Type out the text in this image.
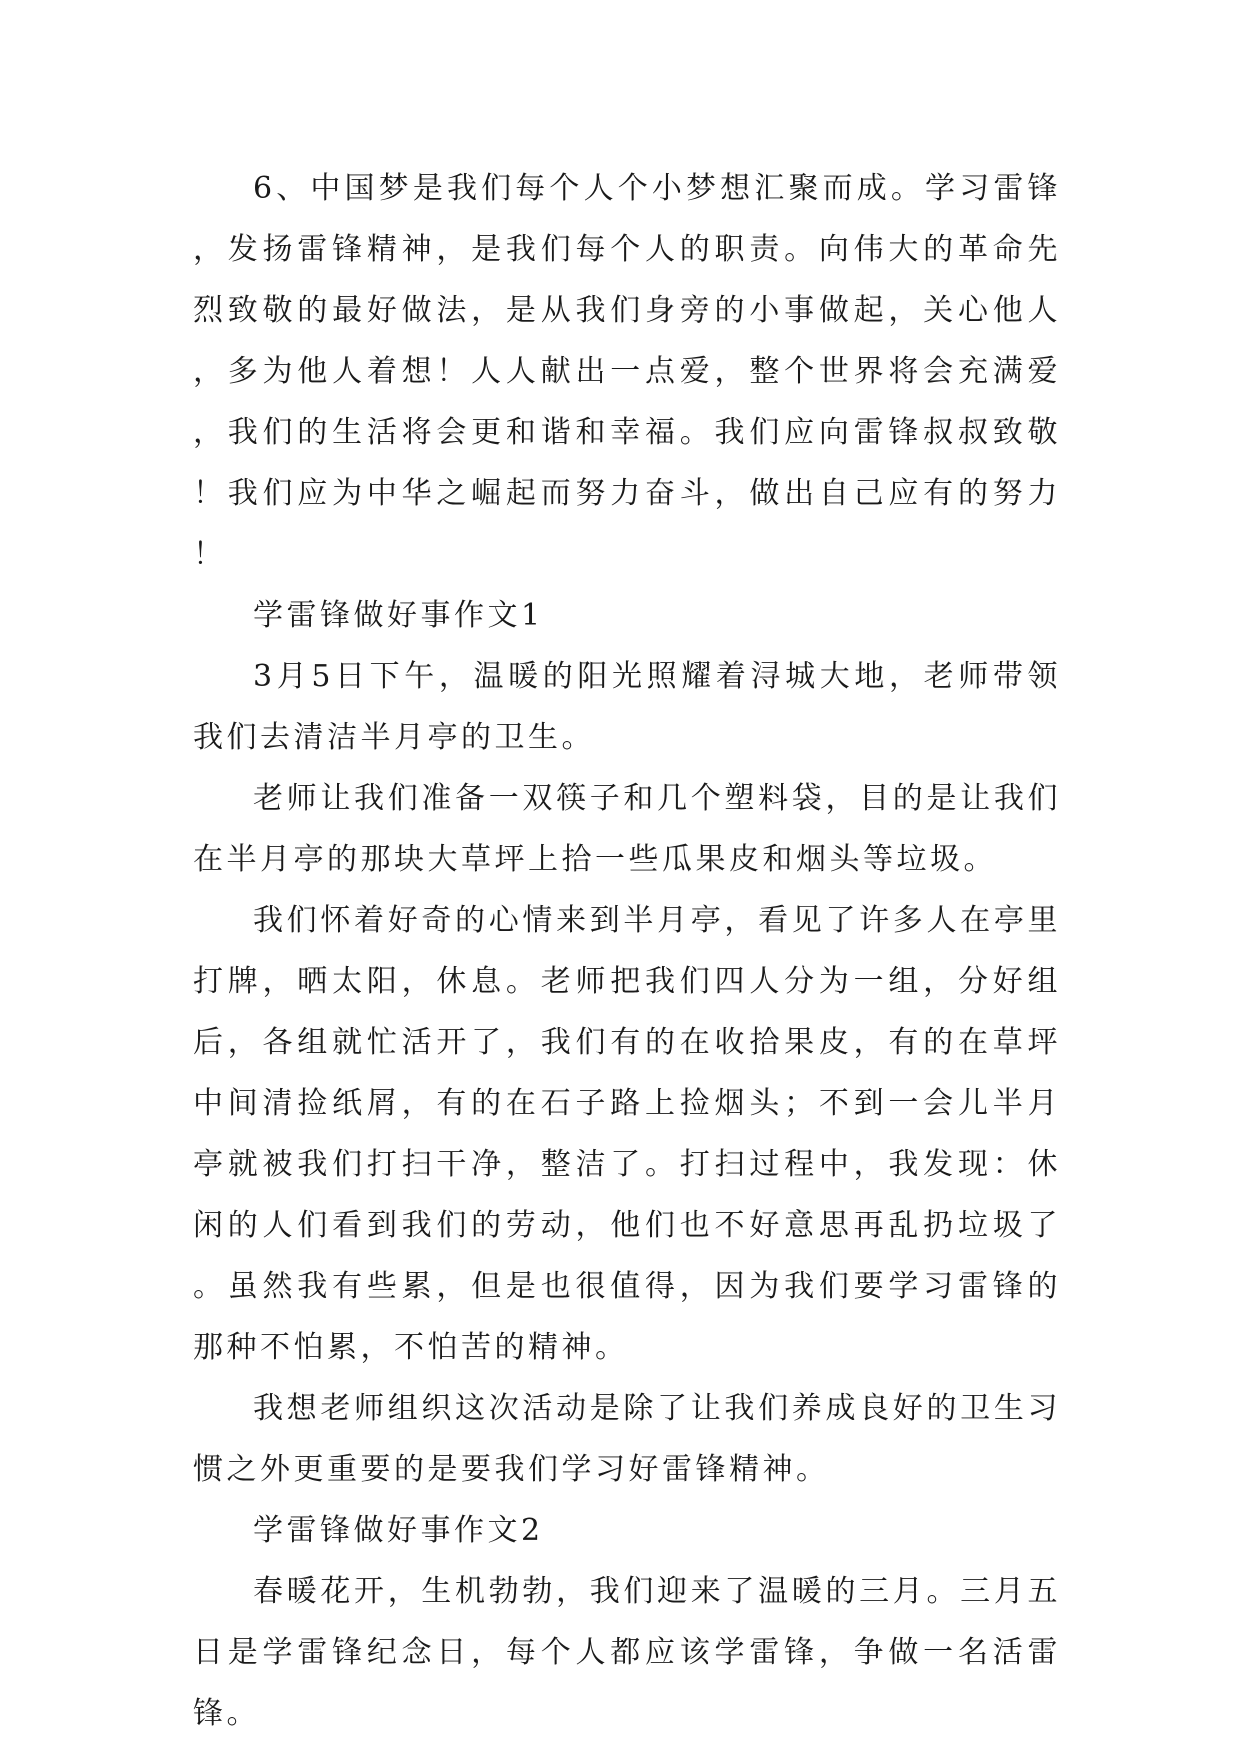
6、中国梦是我们每个人个小梦想汇聚而成。学习雷锋，发扬雷锋精神，是我们每个人的职责。向伟大的革命先烈致敬的最好做法，是从我们身旁的小事做起，关心他人，多为他人着想！人人献出一点爱，整个世界将会充满爱，我们的生活将会更和谐和幸福。我们应向雷锋叔叔致敬！我们应为中华之崛起而努力奋斗，做出自己应有的努力！

学雷锋做好事作文1

3月5日下午，温暖的阳光照耀着浔城大地，老师带领我们去清洁半月亭的卫生。

老师让我们准备一双筷子和几个塑料袋，目的是让我们在半月亭的那块大草坪上拾一些瓜果皮和烟头等垃圾。

我们怀着好奇的心情来到半月亭，看见了许多人在亭里打牌，晒太阳，休息。老师把我们四人分为一组，分好组后，各组就忙活开了，我们有的在收拾果皮，有的在草坪中间清捡纸屑，有的在石子路上捡烟头；不到一会儿半月亭就被我们打扫干净，整洁了。打扫过程中，我发现：休闲的人们看到我们的劳动，他们也不好意思再乱扔垃圾了。虽然我有些累，但是也很值得，因为我们要学习雷锋的那种不怕累，不怕苦的精神。

我想老师组织这次活动是除了让我们养成良好的卫生习惯之外更重要的是要我们学习好雷锋精神。

学雷锋做好事作文2

春暖花开，生机勃勃，我们迎来了温暖的三月。三月五日是学雷锋纪念日，每个人都应该学雷锋，争做一名活雷锋。
